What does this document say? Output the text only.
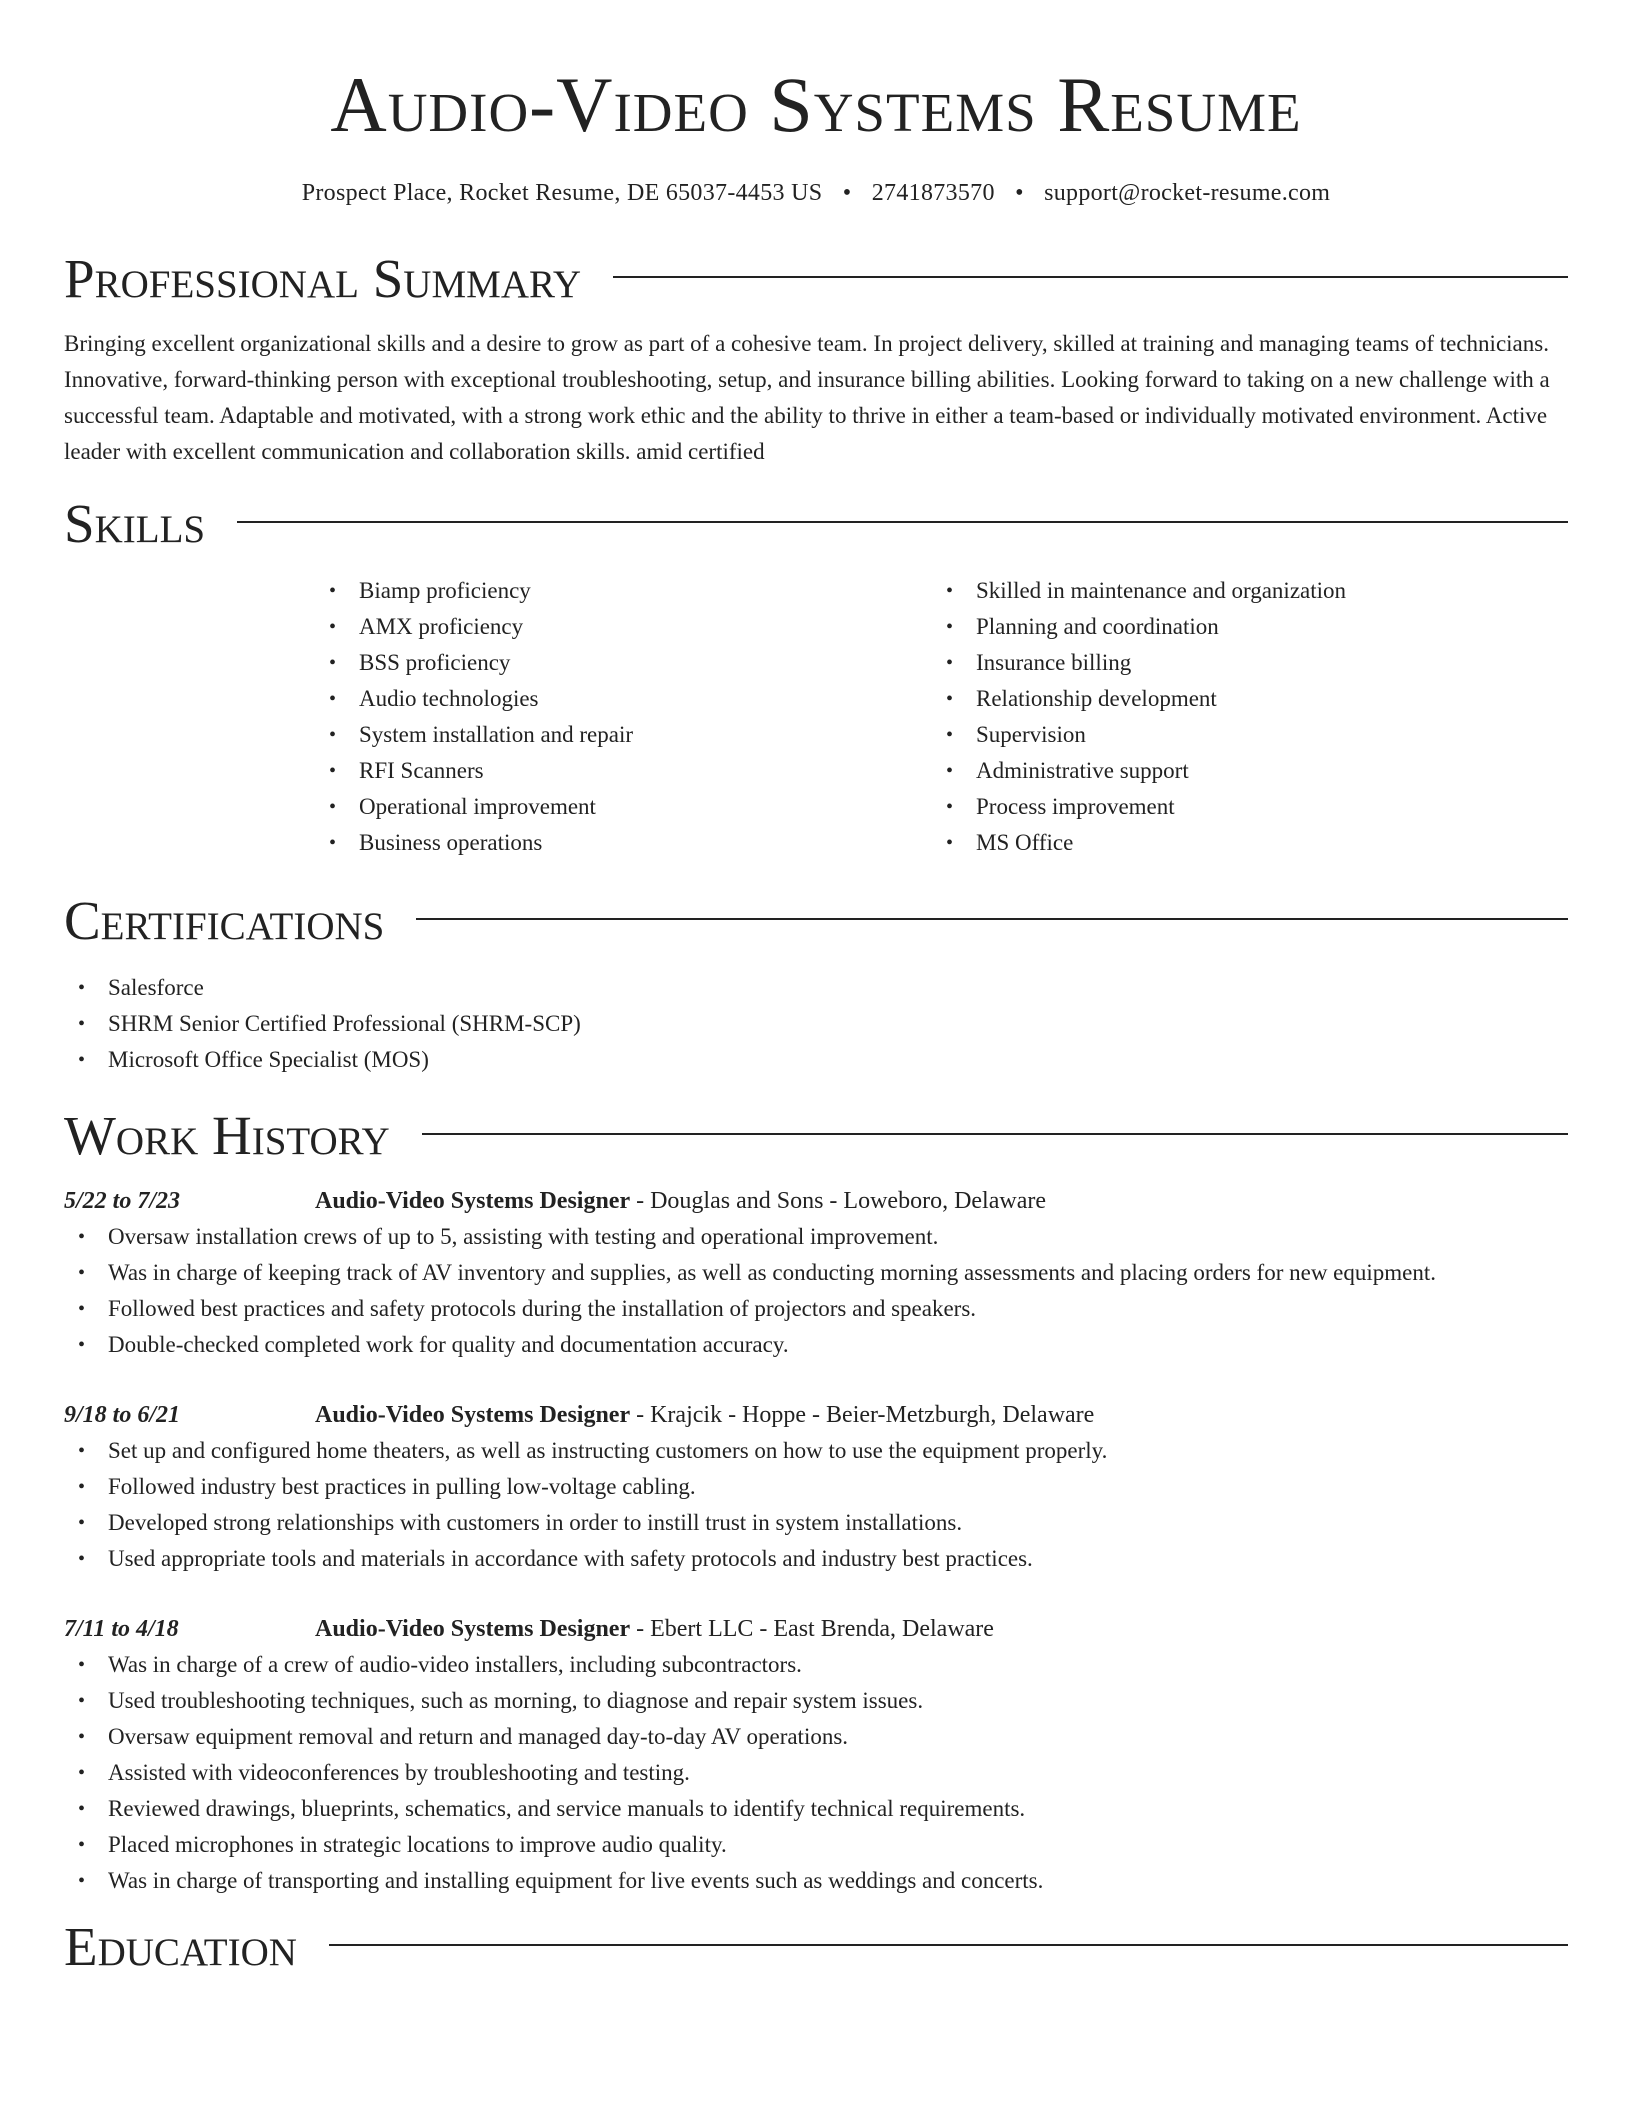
Audio-Video Systems Resume
Prospect Place, Rocket Resume, DE 65037-4453 US • 2741873570 • support@rocket-resume.com
Professional Summary

Bringing excellent organizational skills and a desire to grow as part of a cohesive team. In project delivery, skilled at training and managing teams of technicians. Innovative, forward-thinking person with exceptional troubleshooting, setup, and insurance billing abilities. Looking forward to taking on a new challenge with a successful team. Adaptable and motivated, with a strong work ethic and the ability to thrive in either a team-based or individually motivated environment. Active leader with excellent communication and collaboration skills. amid certified

Skills
• Biamp proficiency
• AMX proficiency
• BSS proficiency
• Audio technologies
• System installation and repair
• RFI Scanners
• Operational improvement
• Business operations
• Skilled in maintenance and organization
• Planning and coordination
• Insurance billing
• Relationship development
• Supervision
• Administrative support
• Process improvement
• MS Office
Certifications
• Salesforce
• SHRM Senior Certified Professional (SHRM-SCP)
• Microsoft Office Specialist (MOS)
Work History
5/22 to 7/23	Audio-Video Systems Designer - Douglas and Sons - Loweboro, Delaware
• Oversaw installation crews of up to 5, assisting with testing and operational improvement.
• Was in charge of keeping track of AV inventory and supplies, as well as conducting morning assessments and placing orders for new equipment.
• Followed best practices and safety protocols during the installation of projectors and speakers.
• Double-checked completed work for quality and documentation accuracy.
9/18 to 6/21	Audio-Video Systems Designer - Krajcik - Hoppe - Beier-Metzburgh, Delaware
• Set up and configured home theaters, as well as instructing customers on how to use the equipment properly.
• Followed industry best practices in pulling low-voltage cabling.
• Developed strong relationships with customers in order to instill trust in system installations.
• Used appropriate tools and materials in accordance with safety protocols and industry best practices.
7/11 to 4/18	Audio-Video Systems Designer - Ebert LLC - East Brenda, Delaware
• Was in charge of a crew of audio-video installers, including subcontractors.
• Used troubleshooting techniques, such as morning, to diagnose and repair system issues.
• Oversaw equipment removal and return and managed day-to-day AV operations.
• Assisted with videoconferences by troubleshooting and testing.
• Reviewed drawings, blueprints, schematics, and service manuals to identify technical requirements.
• Placed microphones in strategic locations to improve audio quality.
• Was in charge of transporting and installing equipment for live events such as weddings and concerts.
Education
